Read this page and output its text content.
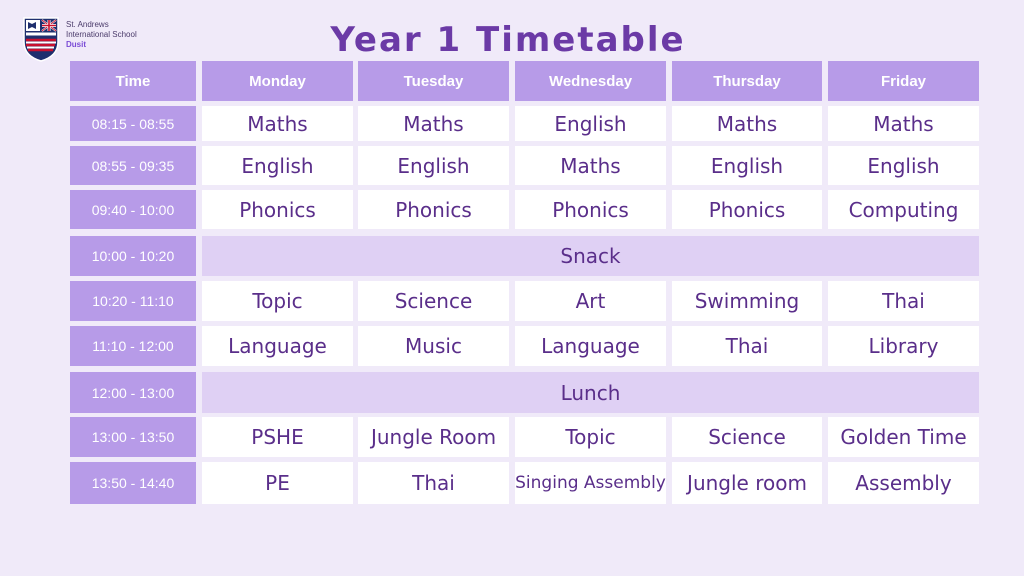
St. Andrews
International School
Dusit	Year 1 Timetable
Time	Monday	Tuesday	Wednesday	Thursday	Friday
08:15 - 08:55	Maths	Maths	English	Maths	Maths
08:55 - 09:35	English	English	Maths	English	English
09:40 - 10:00	Phonics	Phonics	Phonics	Phonics	Computing
10:00 - 10:20	Snack
10:20 - 11:10	Topic	Science	Art	Swimming	Thai
11:10 - 12:00	Language	Music	Language	Thai	Library
12:00 - 13:00	Lunch
13:00 - 13:50	PSHE	Jungle Room	Topic	Science	Golden Time
13:50 - 14:40	PE	Thai	Singing Assembly	Jungle room	Assembly
